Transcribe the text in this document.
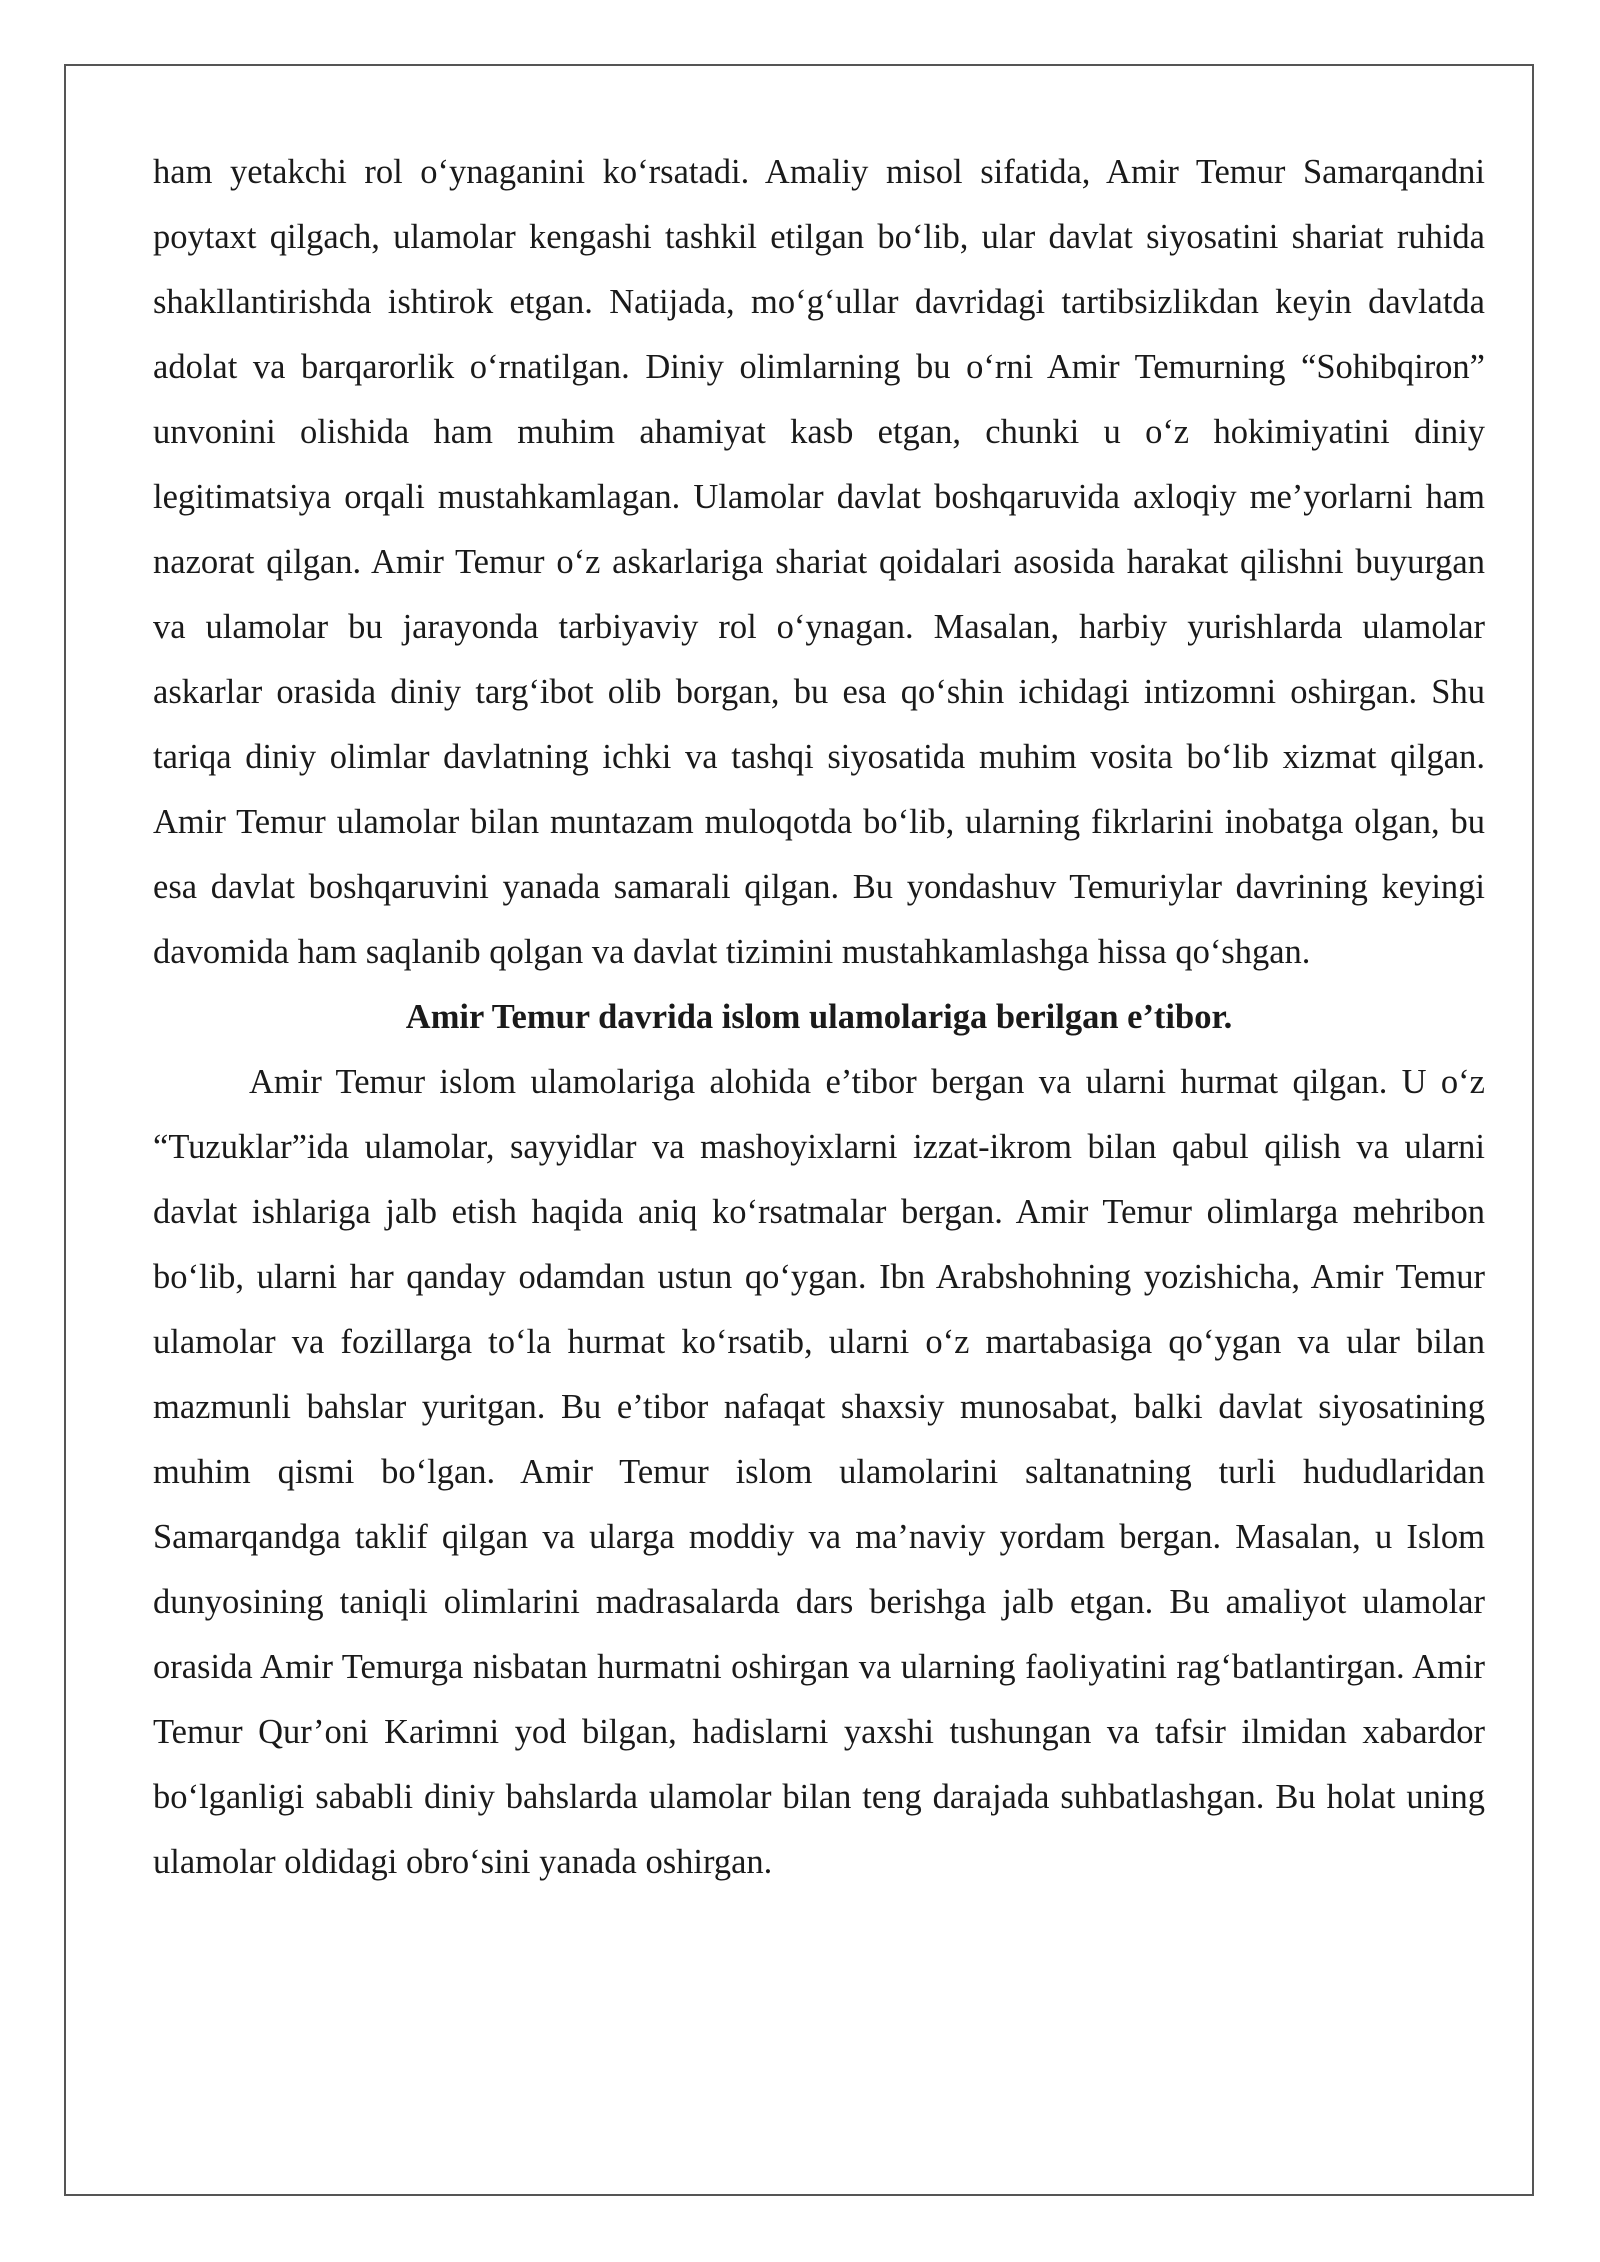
ham yetakchi rol o‘ynaganini ko‘rsatadi. Amaliy misol sifatida, Amir Temur Samarqandni poytaxt qilgach, ulamolar kengashi tashkil etilgan bo‘lib, ular davlat siyosatini shariat ruhida shakllantirishda ishtirok etgan. Natijada, mo‘g‘ullar davridagi tartibsizlikdan keyin davlatda adolat va barqarorlik o‘rnatilgan. Diniy olimlarning bu o‘rni Amir Temurning “Sohibqiron” unvonini olishida ham muhim ahamiyat kasb etgan, chunki u o‘z hokimiyatini diniy legitimatsiya orqali mustahkamlagan. Ulamolar davlat boshqaruvida axloqiy me’yorlarni ham nazorat qilgan. Amir Temur o‘z askarlariga shariat qoidalari asosida harakat qilishni buyurgan va ulamolar bu jarayonda tarbiyaviy rol o‘ynagan. Masalan, harbiy yurishlarda ulamolar askarlar orasida diniy targ‘ibot olib borgan, bu esa qo‘shin ichidagi intizomni oshirgan. Shu tariqa diniy olimlar davlatning ichki va tashqi siyosatida muhim vosita bo‘lib xizmat qilgan. Amir Temur ulamolar bilan muntazam muloqotda bo‘lib, ularning fikrlarini inobatga olgan, bu esa davlat boshqaruvini yanada samarali qilgan. Bu yondashuv Temuriylar davrining keyingi davomida ham saqlanib qolgan va davlat tizimini mustahkamlashga hissa qo‘shgan.

Amir Temur davrida islom ulamolariga berilgan e’tibor.

Amir Temur islom ulamolariga alohida e’tibor bergan va ularni hurmat qilgan. U o‘z “Tuzuklar”ida ulamolar, sayyidlar va mashoyixlarni izzat-ikrom bilan qabul qilish va ularni davlat ishlariga jalb etish haqida aniq ko‘rsatmalar bergan. Amir Temur olimlarga mehribon bo‘lib, ularni har qanday odamdan ustun qo‘ygan. Ibn Arabshohning yozishicha, Amir Temur ulamolar va fozillarga to‘la hurmat ko‘rsatib, ularni o‘z martabasiga qo‘ygan va ular bilan mazmunli bahslar yuritgan. Bu e’tibor nafaqat shaxsiy munosabat, balki davlat siyosatining muhim qismi bo‘lgan. Amir Temur islom ulamolarini saltanatning turli hududlaridan Samarqandga taklif qilgan va ularga moddiy va ma’naviy yordam bergan. Masalan, u Islom dunyosining taniqli olimlarini madrasalarda dars berishga jalb etgan. Bu amaliyot ulamolar orasida Amir Temurga nisbatan hurmatni oshirgan va ularning faoliyatini rag‘batlantirgan. Amir Temur Qur’oni Karimni yod bilgan, hadislarni yaxshi tushungan va tafsir ilmidan xabardor bo‘lganligi sababli diniy bahslarda ulamolar bilan teng darajada suhbatlashgan. Bu holat uning ulamolar oldidagi obro‘sini yanada oshirgan.
